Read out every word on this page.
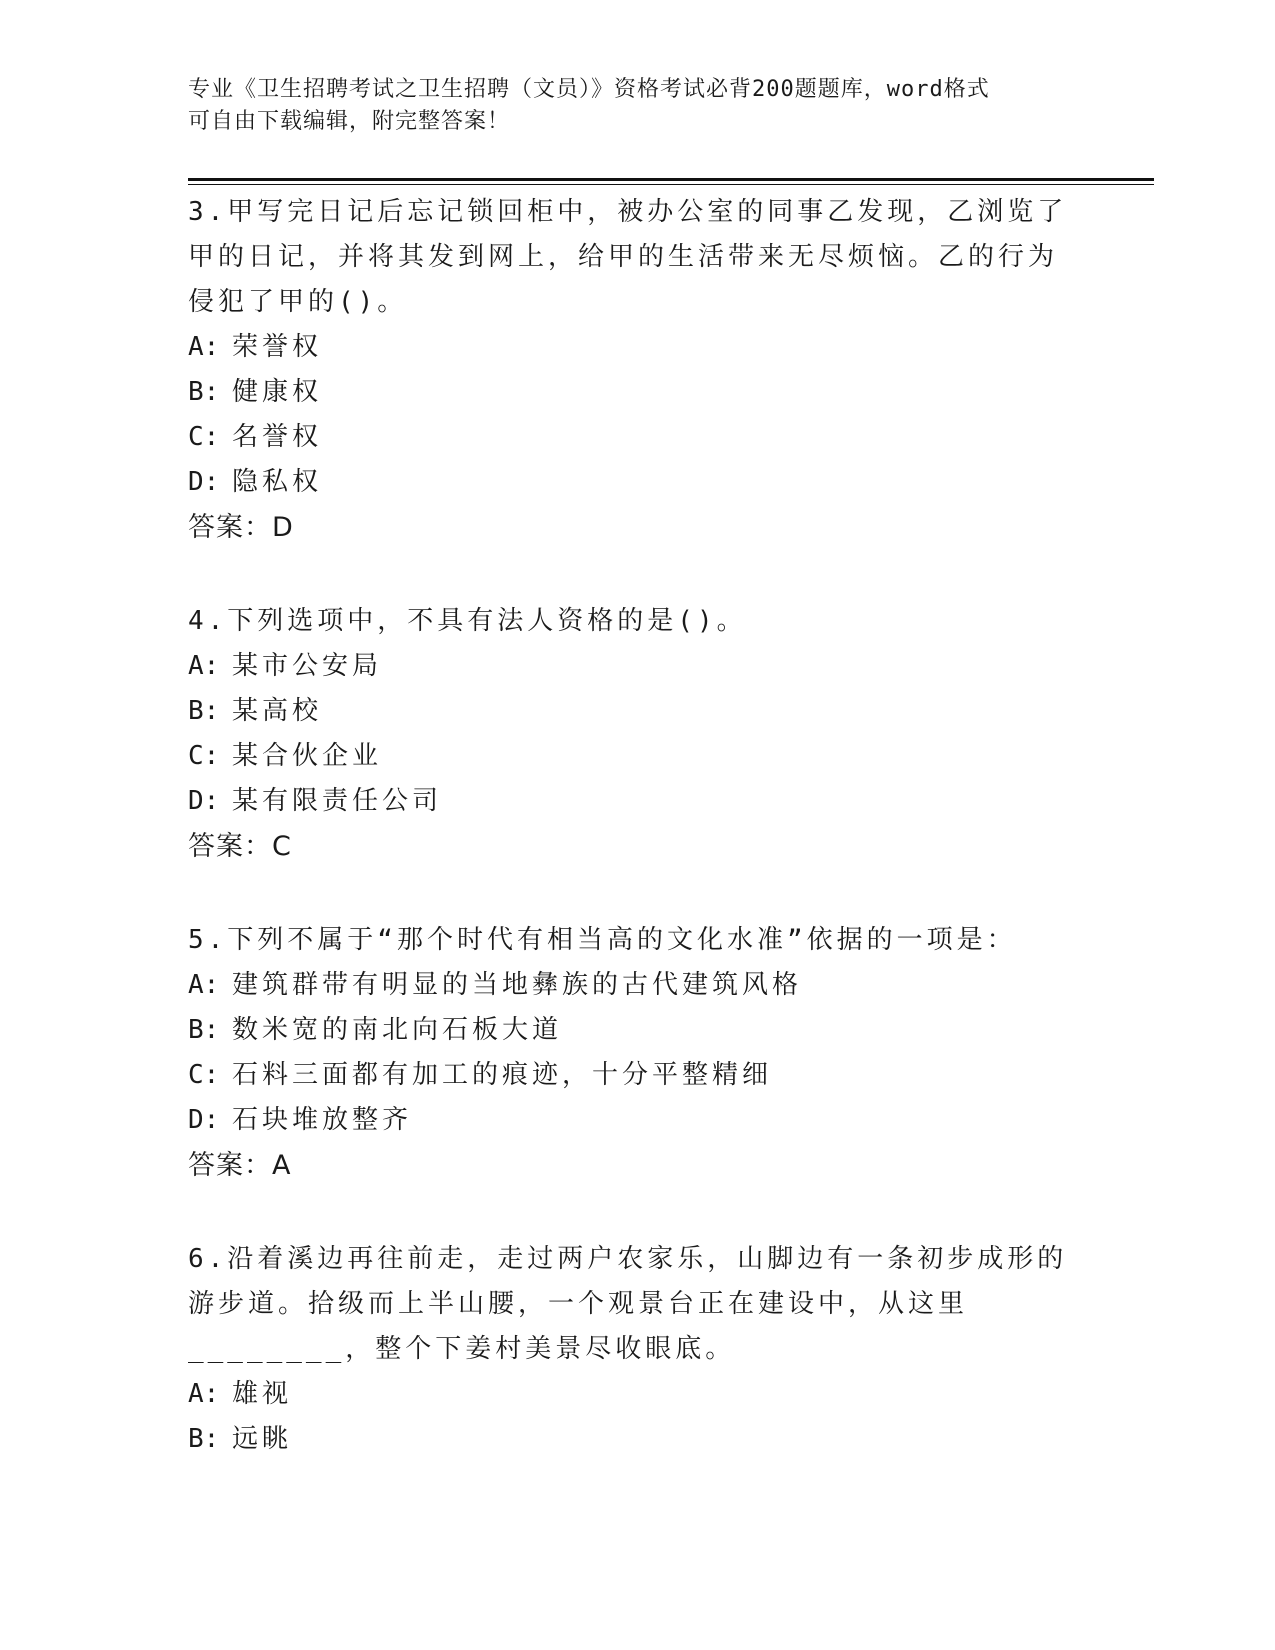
专业《卫生招聘考试之卫生招聘（文员）》资格考试必背200题题库，word格式
可自由下载编辑，附完整答案！

3.甲写完日记后忘记锁回柜中，被办公室的同事乙发现，乙浏览了甲的日记，并将其发到网上，给甲的生活带来无尽烦恼。乙的行为侵犯了甲的()。

A: 荣誉权

B: 健康权

C: 名誉权

D: 隐私权

答案：D

4.下列选项中，不具有法人资格的是()。

A: 某市公安局

B: 某高校

C: 某合伙企业

D: 某有限责任公司

答案：C

5.下列不属于“那个时代有相当高的文化水准”依据的一项是：

A: 建筑群带有明显的当地彝族的古代建筑风格

B: 数米宽的南北向石板大道

C: 石料三面都有加工的痕迹，十分平整精细

D: 石块堆放整齐

答案：A

6.沿着溪边再往前走，走过两户农家乐，山脚边有一条初步成形的游步道。拾级而上半山腰，一个观景台正在建设中，从这里________，整个下姜村美景尽收眼底。

A: 雄视

B: 远眺
